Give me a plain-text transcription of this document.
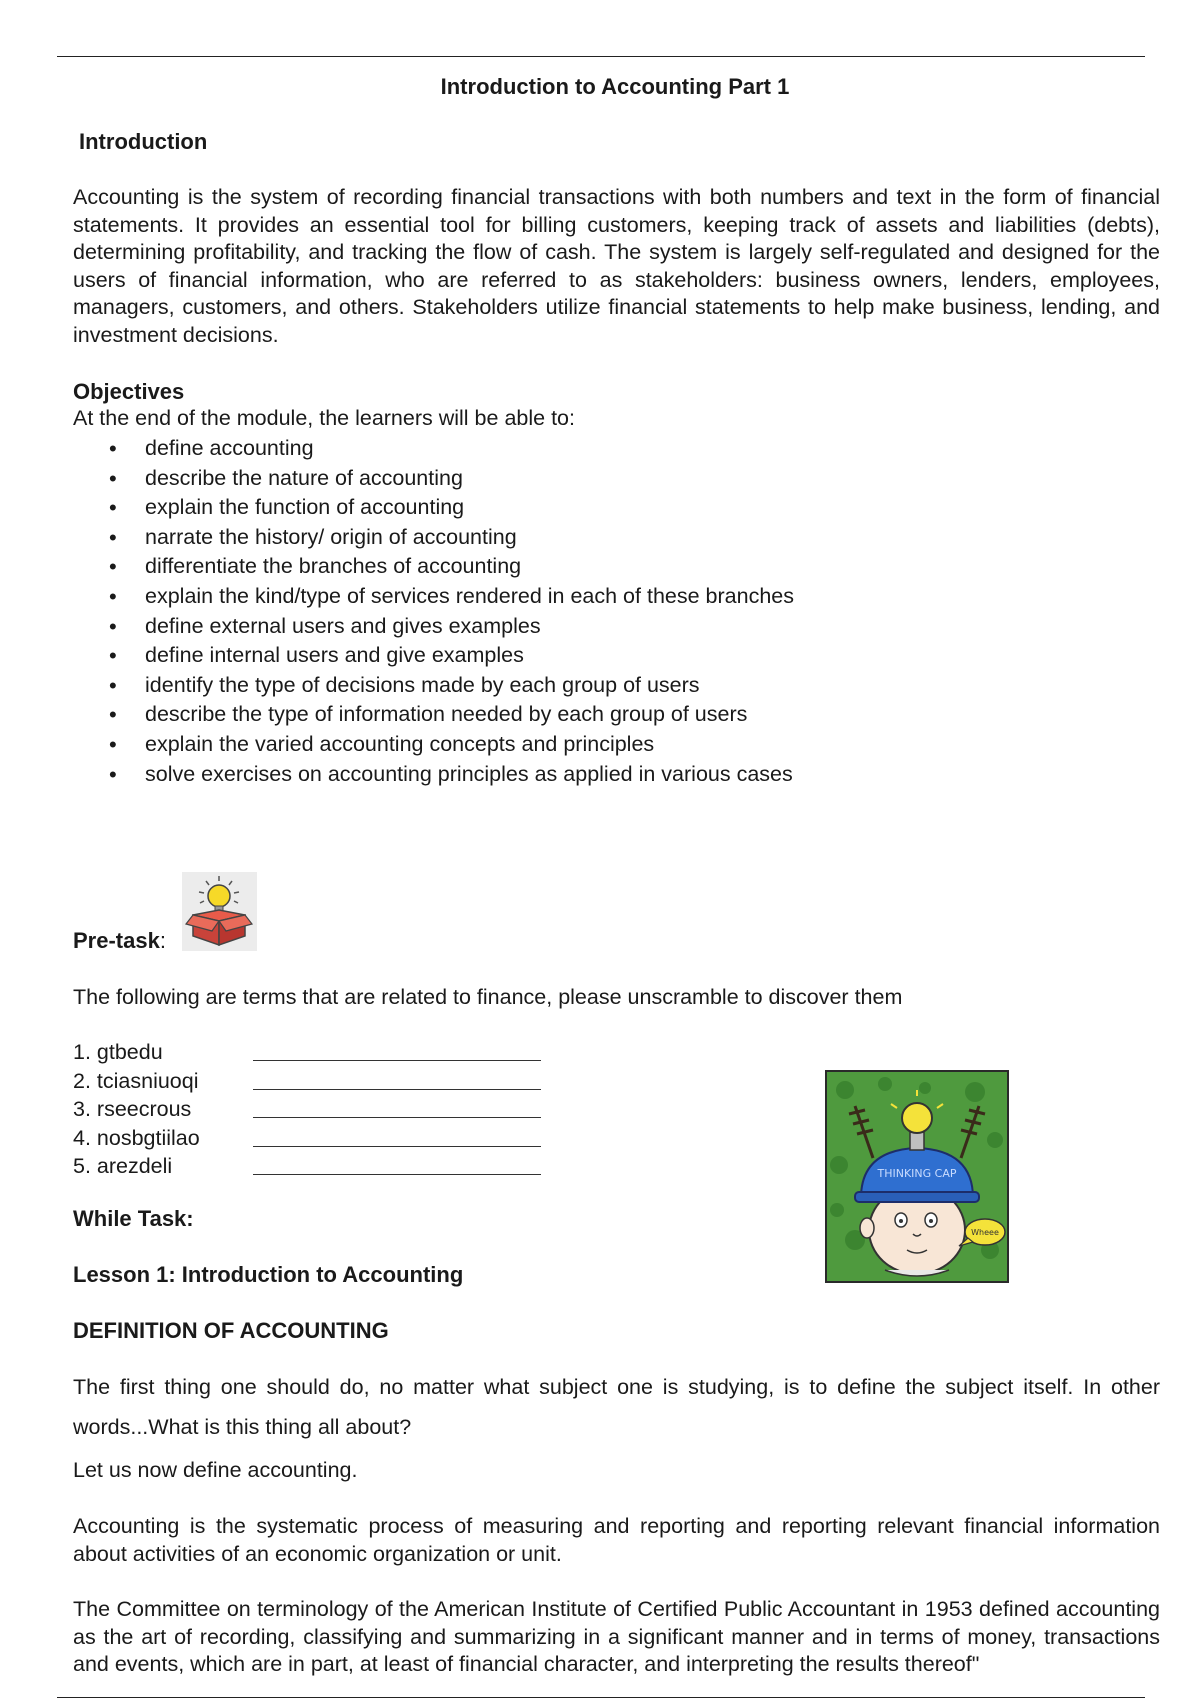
Introduction to Accounting Part 1
Introduction
Accounting is the system of recording financial transactions with both numbers and text in the form of financial statements. It provides an essential tool for billing customers, keeping track of assets and liabilities (debts), determining profitability, and tracking the flow of cash. The system is largely self-regulated and designed for the users of financial information, who are referred to as stakeholders: business owners, lenders, employees, managers, customers, and others. Stakeholders utilize financial statements to help make business, lending, and investment decisions.
Objectives
At the end of the module, the learners will be able to:
• define accounting
• describe the nature of accounting
• explain the function of accounting
• narrate the history/ origin of accounting
• differentiate the branches of accounting
• explain the kind/type of services rendered in each of these branches
• define external users and gives examples
• define internal users and give examples
• identify the type of decisions made by each group of users
• describe the type of information needed by each group of users
• explain the varied accounting concepts and principles
• solve exercises on accounting principles as applied in various cases
Pre-task:
The following are terms that are related to finance, please unscramble to discover them
1. gtbedu
2. tciasniuoqi
3. rseecrous
4. nosbgtiilao
5. arezdeli	THINKING CAP
Wheee
While Task:
Lesson 1: Introduction to Accounting
DEFINITION OF ACCOUNTING
The first thing one should do, no matter what subject one is studying, is to define the subject itself. In other words...What is this thing all about?
Let us now define accounting.
Accounting is the systematic process of measuring and reporting and reporting relevant financial information about activities of an economic organization or unit.
The Committee on terminology of the American Institute of Certified Public Accountant in 1953 defined accounting as the art of recording, classifying and summarizing in a significant manner and in terms of money, transactions and events, which are in part, at least of financial character, and interpreting the results thereof"
